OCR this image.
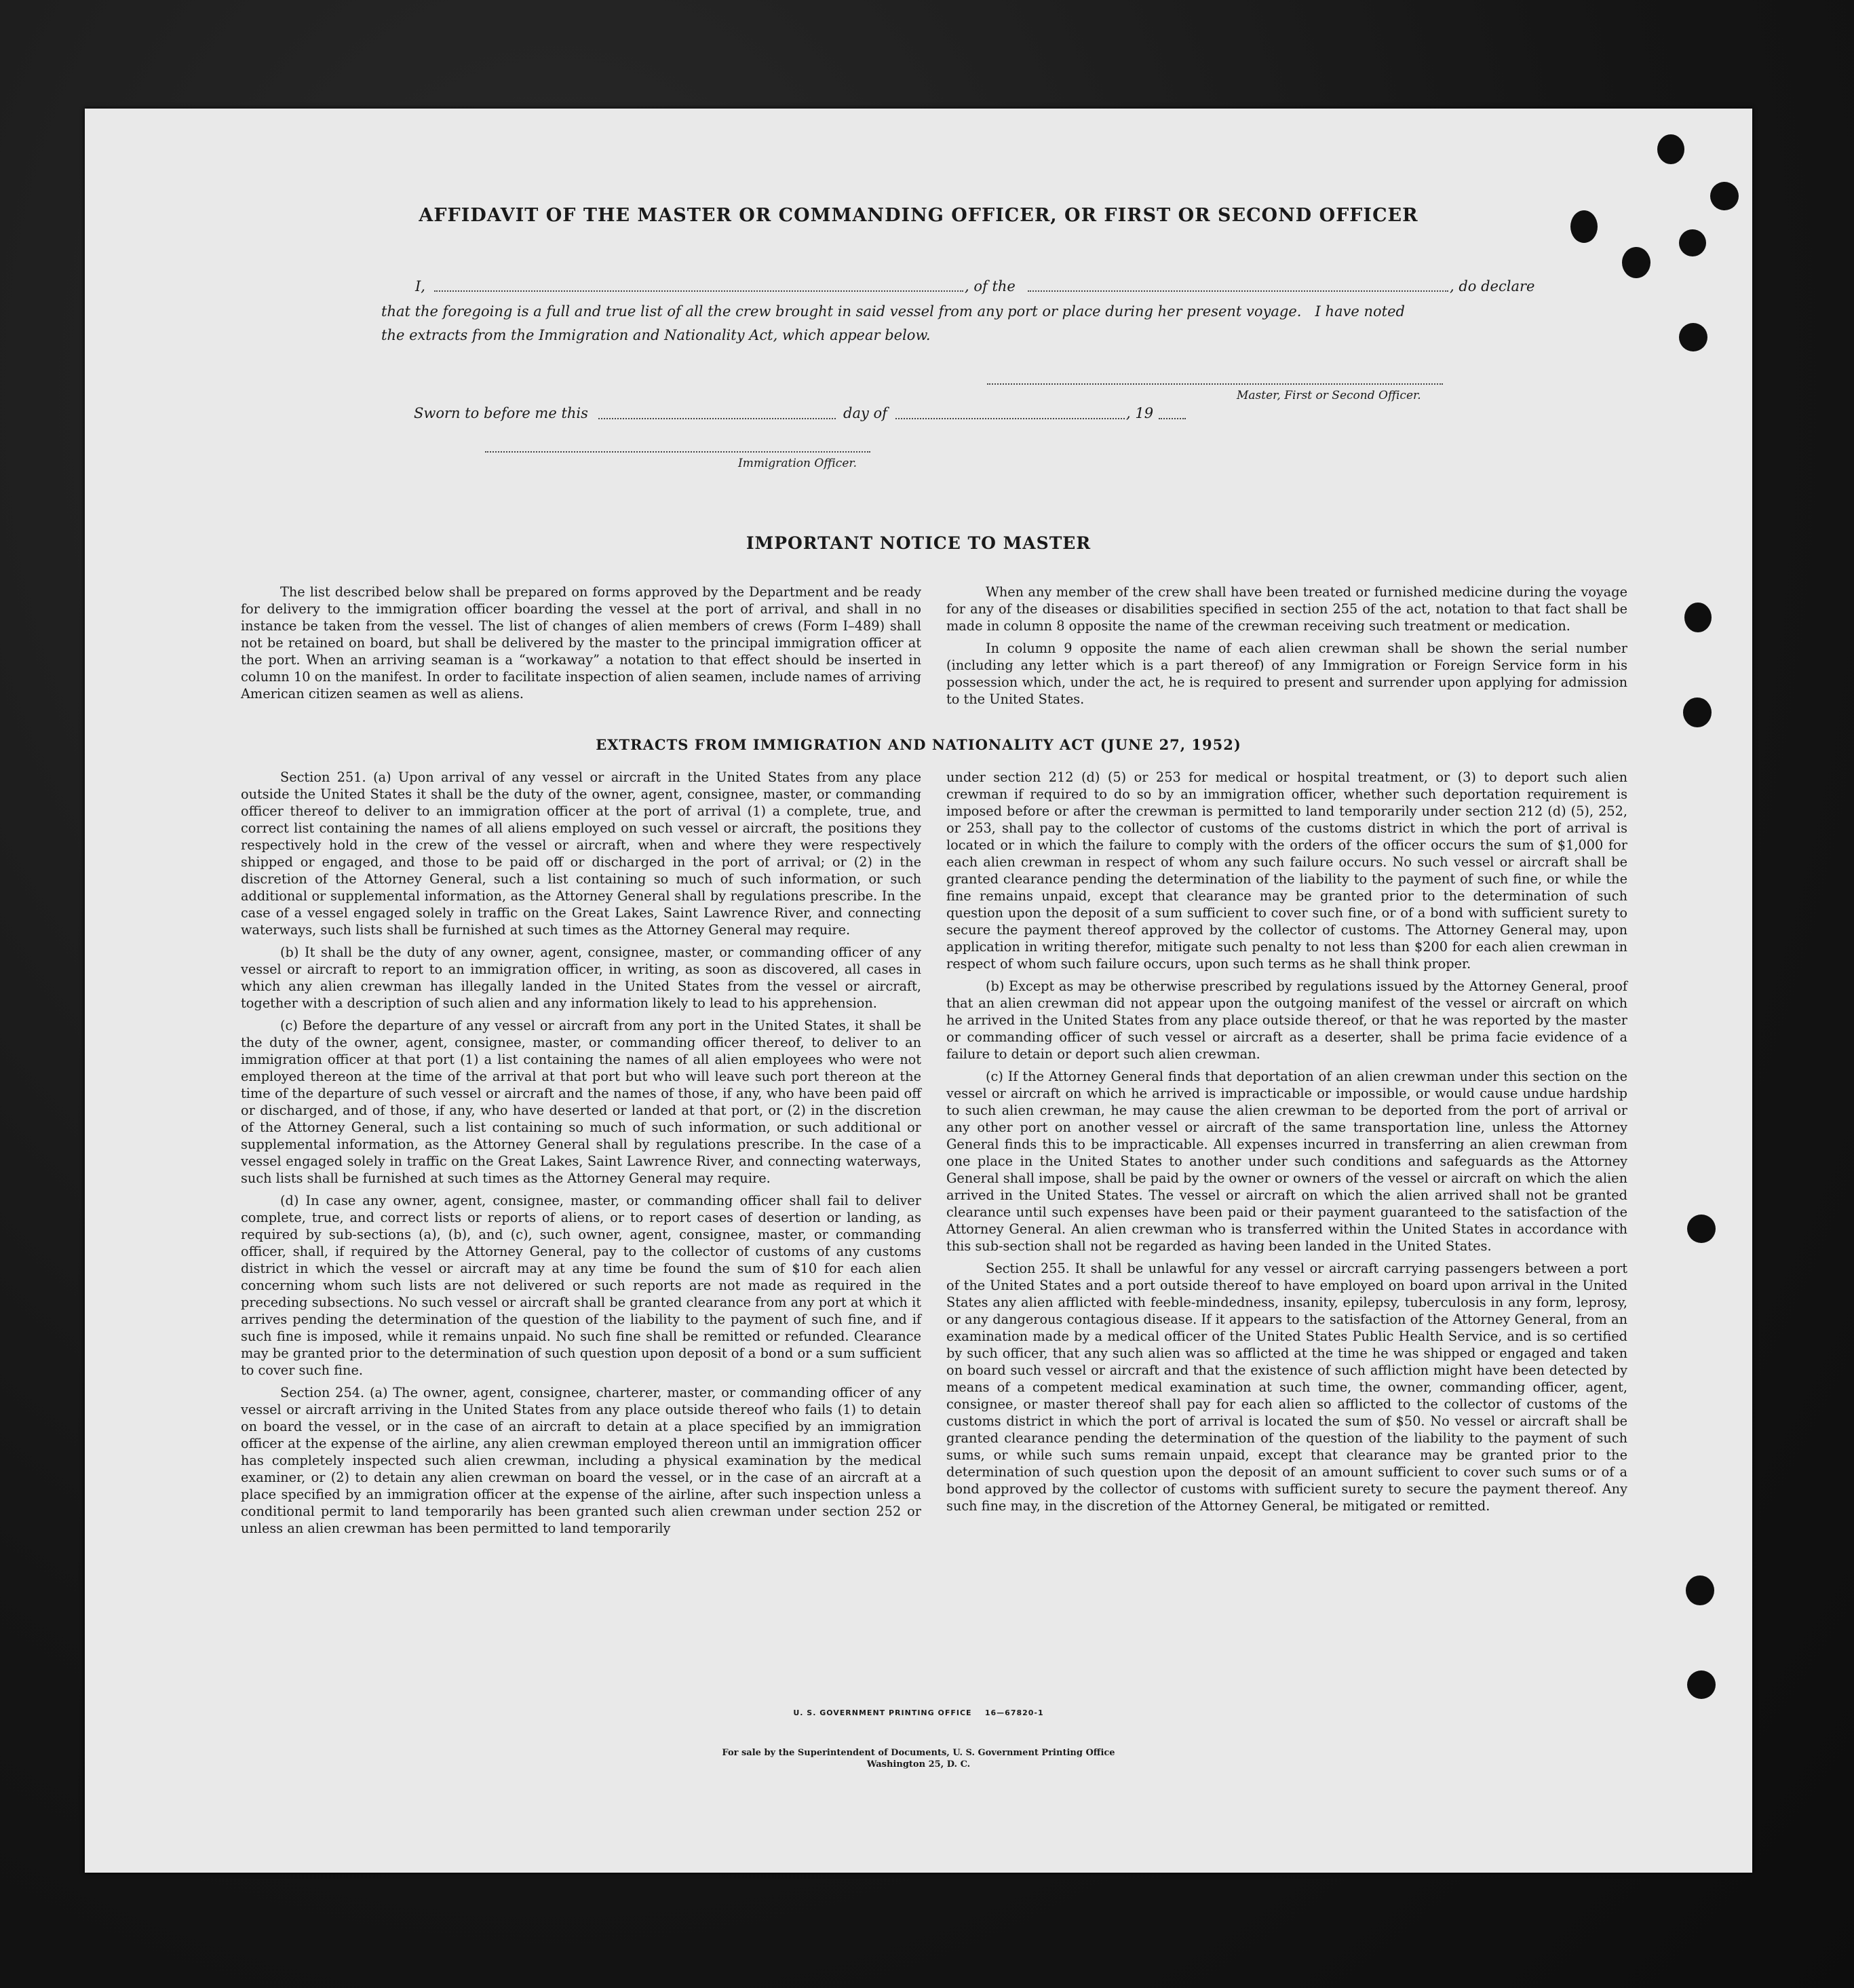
AFFIDAVIT OF THE MASTER OR COMMANDING OFFICER, OR FIRST OR SECOND OFFICER
I,	, of the	, do declare
that the foregoing is a full and true list of all the crew brought in said vessel from any port or place during her present voyage.   I have noted
the extracts from the Immigration and Nationality Act, which appear below.
Master, First or Second Officer.
Sworn to before me this	day of	, 19
Immigration Officer.
IMPORTANT NOTICE TO MASTER

The list described below shall be prepared on forms approved by the Department and be ready for delivery to the immigration officer boarding the vessel at the port of arrival, and shall in no instance be taken from the vessel. The list of changes of alien members of crews (Form I–489) shall not be retained on board, but shall be delivered by the master to the principal immigration officer at the port. When an arriving seaman is a “workaway” a notation to that effect should be inserted in column 10 on the manifest. In order to facilitate inspection of alien seamen, include names of arriving American citizen seamen as well as aliens.

When any member of the crew shall have been treated or furnished medicine during the voyage for any of the diseases or disabilities specified in section 255 of the act, notation to that fact shall be made in column 8 opposite the name of the crewman receiving such treatment or medication.

In column 9 opposite the name of each alien crewman shall be shown the serial number (including any letter which is a part thereof) of any Immigration or Foreign Service form in his possession which, under the act, he is required to present and surrender upon applying for admission to the United States.

EXTRACTS FROM IMMIGRATION AND NATIONALITY ACT (JUNE 27, 1952)

Section 251. (a) Upon arrival of any vessel or aircraft in the United States from any place outside the United States it shall be the duty of the owner, agent, consignee, master, or commanding officer thereof to deliver to an immigration officer at the port of arrival (1) a complete, true, and correct list containing the names of all aliens employed on such vessel or aircraft, the positions they respectively hold in the crew of the vessel or aircraft, when and where they were respectively shipped or engaged, and those to be paid off or discharged in the port of arrival; or (2) in the discretion of the Attorney General, such a list containing so much of such information, or such additional or supplemental information, as the Attorney General shall by regulations prescribe. In the case of a vessel engaged solely in traffic on the Great Lakes, Saint Lawrence River, and connecting waterways, such lists shall be furnished at such times as the Attorney General may require.

(b) It shall be the duty of any owner, agent, consignee, master, or commanding officer of any vessel or aircraft to report to an immigration officer, in writing, as soon as discovered, all cases in which any alien crewman has illegally landed in the United States from the vessel or aircraft, together with a description of such alien and any information likely to lead to his apprehension.

(c) Before the departure of any vessel or aircraft from any port in the United States, it shall be the duty of the owner, agent, consignee, master, or commanding officer thereof, to deliver to an immigration officer at that port (1) a list containing the names of all alien employees who were not employed thereon at the time of the arrival at that port but who will leave such port thereon at the time of the departure of such vessel or aircraft and the names of those, if any, who have been paid off or discharged, and of those, if any, who have deserted or landed at that port, or (2) in the discretion of the Attorney General, such a list containing so much of such information, or such additional or supplemental information, as the Attorney General shall by regulations prescribe. In the case of a vessel engaged solely in traffic on the Great Lakes, Saint Lawrence River, and connecting waterways, such lists shall be furnished at such times as the Attorney General may require.

(d) In case any owner, agent, consignee, master, or commanding officer shall fail to deliver complete, true, and correct lists or reports of aliens, or to report cases of desertion or landing, as required by sub-sections (a), (b), and (c), such owner, agent, consignee, master, or commanding officer, shall, if required by the Attorney General, pay to the collector of customs of any customs district in which the vessel or aircraft may at any time be found the sum of $10 for each alien concerning whom such lists are not delivered or such reports are not made as required in the preceding subsections. No such vessel or aircraft shall be granted clearance from any port at which it arrives pending the determination of the question of the liability to the payment of such fine, and if such fine is imposed, while it remains unpaid. No such fine shall be remitted or refunded. Clearance may be granted prior to the determination of such question upon deposit of a bond or a sum sufficient to cover such fine.

Section 254. (a) The owner, agent, consignee, charterer, master, or commanding officer of any vessel or aircraft arriving in the United States from any place outside thereof who fails (1) to detain on board the vessel, or in the case of an aircraft to detain at a place specified by an immigration officer at the expense of the airline, any alien crewman employed thereon until an immigration officer has completely inspected such alien crewman, including a physical examination by the medical examiner, or (2) to detain any alien crewman on board the vessel, or in the case of an aircraft at a place specified by an immigration officer at the expense of the airline, after such inspection unless a conditional permit to land temporarily has been granted such alien crewman under section 252 or unless an alien crewman has been permitted to land temporarily

under section 212 (d) (5) or 253 for medical or hospital treatment, or (3) to deport such alien crewman if required to do so by an immigration officer, whether such deportation requirement is imposed before or after the crewman is permitted to land temporarily under section 212 (d) (5), 252, or 253, shall pay to the collector of customs of the customs district in which the port of arrival is located or in which the failure to comply with the orders of the officer occurs the sum of $1,000 for each alien crewman in respect of whom any such failure occurs. No such vessel or aircraft shall be granted clearance pending the determination of the liability to the payment of such fine, or while the fine remains unpaid, except that clearance may be granted prior to the determination of such question upon the deposit of a sum sufficient to cover such fine, or of a bond with sufficient surety to secure the payment thereof approved by the collector of customs. The Attorney General may, upon application in writing therefor, mitigate such penalty to not less than $200 for each alien crewman in respect of whom such failure occurs, upon such terms as he shall think proper.

(b) Except as may be otherwise prescribed by regulations issued by the Attorney General, proof that an alien crewman did not appear upon the outgoing manifest of the vessel or aircraft on which he arrived in the United States from any place outside thereof, or that he was reported by the master or commanding officer of such vessel or aircraft as a deserter, shall be prima facie evidence of a failure to detain or deport such alien crewman.

(c) If the Attorney General finds that deportation of an alien crewman under this section on the vessel or aircraft on which he arrived is impracticable or impossible, or would cause undue hardship to such alien crewman, he may cause the alien crewman to be deported from the port of arrival or any other port on another vessel or aircraft of the same transportation line, unless the Attorney General finds this to be impracticable. All expenses incurred in transferring an alien crewman from one place in the United States to another under such conditions and safeguards as the Attorney General shall impose, shall be paid by the owner or owners of the vessel or aircraft on which the alien arrived in the United States. The vessel or aircraft on which the alien arrived shall not be granted clearance until such expenses have been paid or their payment guaranteed to the satisfaction of the Attorney General. An alien crewman who is transferred within the United States in accordance with this sub-section shall not be regarded as having been landed in the United States.

Section 255. It shall be unlawful for any vessel or aircraft carrying passengers between a port of the United States and a port outside thereof to have employed on board upon arrival in the United States any alien afflicted with feeble-mindedness, insanity, epilepsy, tuberculosis in any form, leprosy, or any dangerous contagious disease. If it appears to the satisfaction of the Attorney General, from an examination made by a medical officer of the United States Public Health Service, and is so certified by such officer, that any such alien was so afflicted at the time he was shipped or engaged and taken on board such vessel or aircraft and that the existence of such affliction might have been detected by means of a competent medical examination at such time, the owner, commanding officer, agent, consignee, or master thereof shall pay for each alien so afflicted to the collector of customs of the customs district in which the port of arrival is located the sum of $50. No vessel or aircraft shall be granted clearance pending the determination of the question of the liability to the payment of such sums, or while such sums remain unpaid, except that clearance may be granted prior to the determination of such question upon the deposit of an amount sufficient to cover such sums or of a bond approved by the collector of customs with sufficient surety to secure the payment thereof. Any such fine may, in the discretion of the Attorney General, be mitigated or remitted.

U. S. GOVERNMENT PRINTING OFFICE    16—67820-1
For sale by the Superintendent of Documents, U. S. Government Printing Office
Washington 25, D. C.
